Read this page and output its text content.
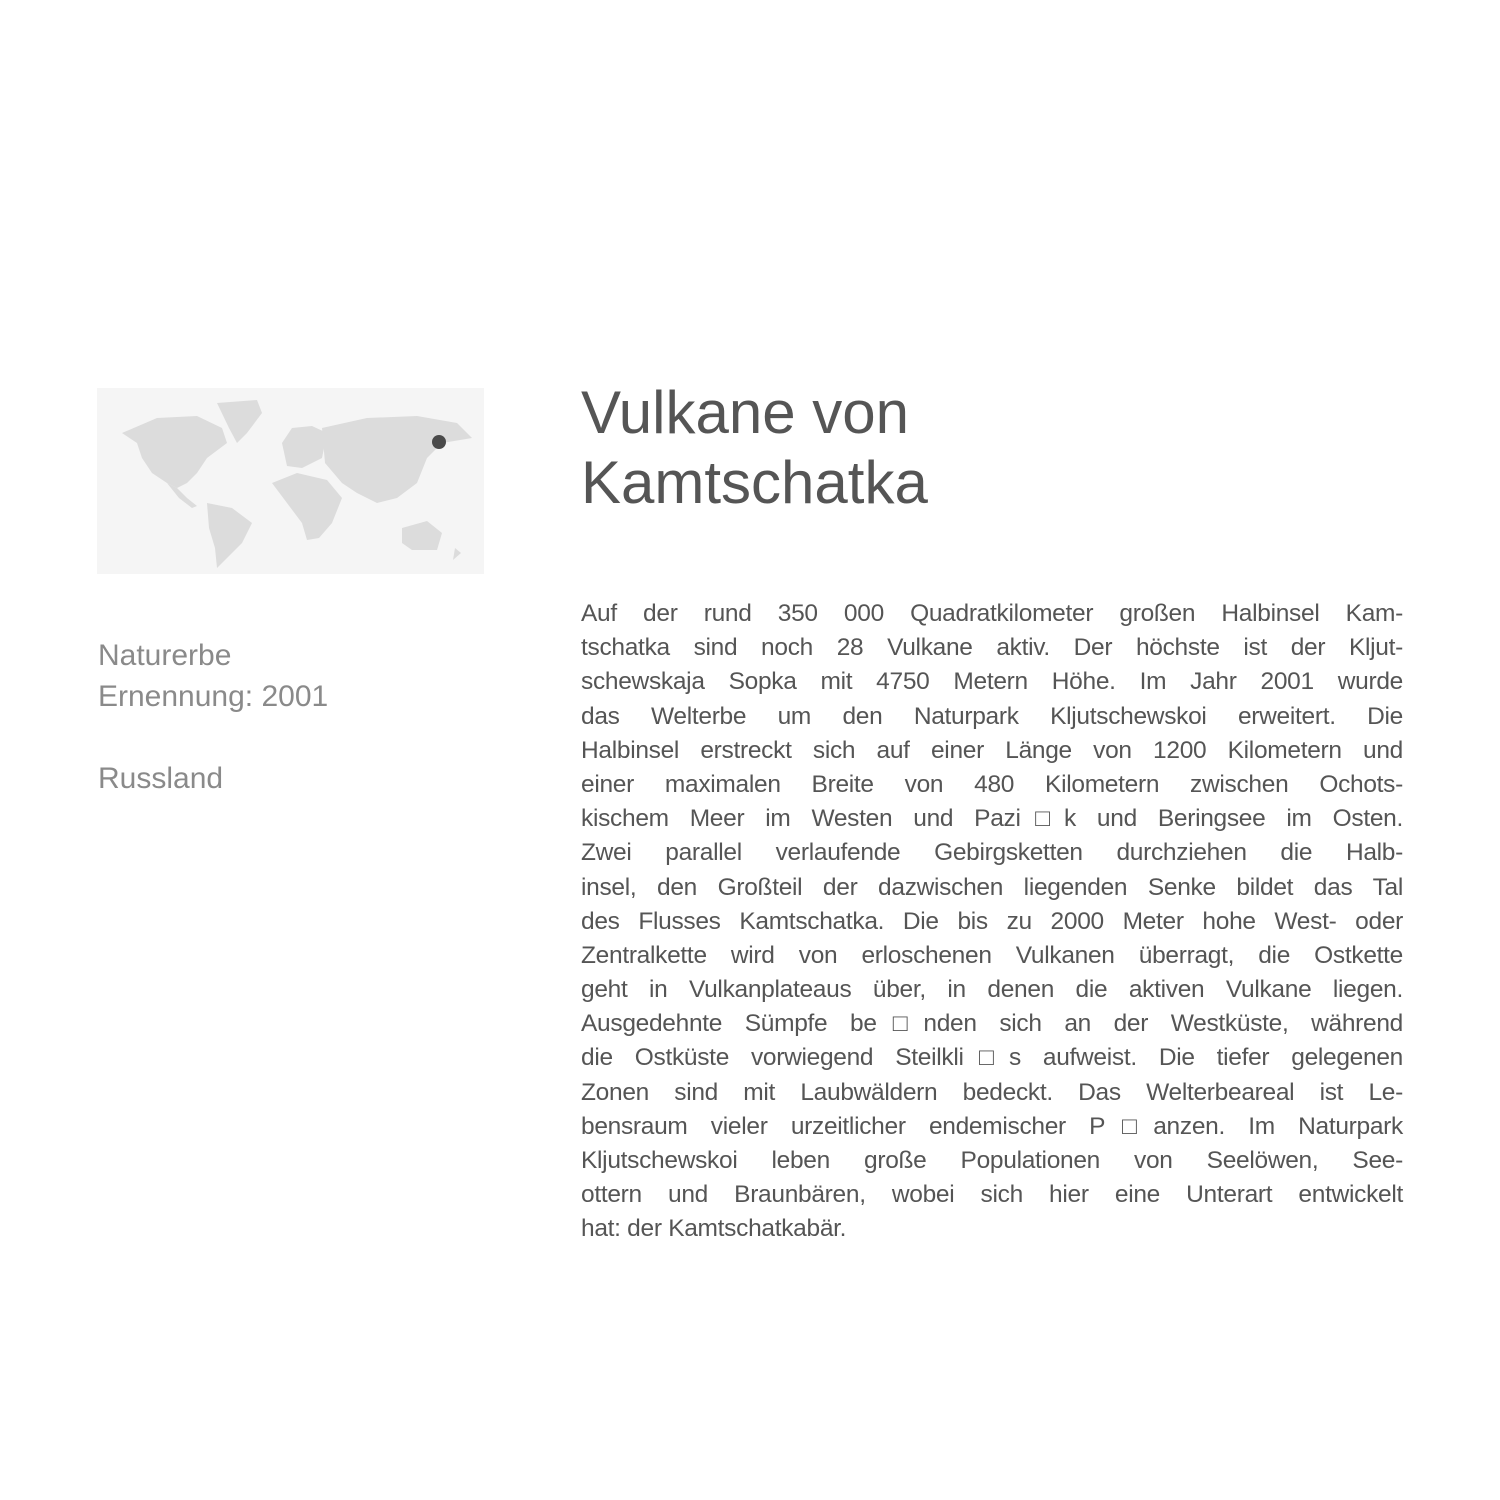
Naturerbe
Ernennung: 2001
Russland
Vulkane von
Kamtschatka
Auf der rund 350 000 Quadratkilometer großen Halbinsel Kam-
tschatka sind noch 28 Vulkane aktiv. Der höchste ist der Kljut-
schewskaja Sopka mit 4750 Metern Höhe. Im Jahr 2001 wurde
das Welterbe um den Naturpark Kljutschewskoi erweitert. Die
Halbinsel erstreckt sich auf einer Länge von 1200 Kilometern und
einer maximalen Breite von 480 Kilometern zwischen Ochots-
kischem Meer im Westen und Pazi□k und Beringsee im Osten.
Zwei parallel verlaufende Gebirgsketten durchziehen die Halb-
insel, den Großteil der dazwischen liegenden Senke bildet das Tal
des Flusses Kamtschatka. Die bis zu 2000 Meter hohe West- oder
Zentralkette wird von erloschenen Vulkanen überragt, die Ostkette
geht in Vulkanplateaus über, in denen die aktiven Vulkane liegen.
Ausgedehnte Sümpfe be□nden sich an der Westküste, während
die Ostküste vorwiegend Steilkli□s aufweist. Die tiefer gelegenen
Zonen sind mit Laubwäldern bedeckt. Das Welterbeareal ist Le-
bensraum vieler urzeitlicher endemischer P□anzen. Im Naturpark
Kljutschewskoi leben große Populationen von Seelöwen, See-
ottern und Braunbären, wobei sich hier eine Unterart entwickelt
hat: der Kamtschatkabär.
